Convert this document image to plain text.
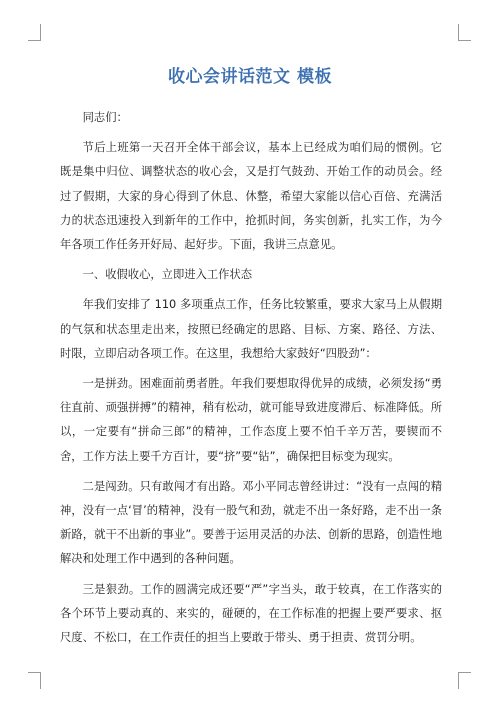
收心会讲话范文 模板

同志们：

节后上班第一天召开全体干部会议，基本上已经成为咱们局的惯例。它既是集中归位、调整状态的收心会，又是打气鼓劲、开始工作的动员会。经过了假期，大家的身心得到了休息、休整，希望大家能以信心百倍、充满活力的状态迅速投入到新年的工作中，抢抓时间，务实创新，扎实工作，为今年各项工作任务开好局、起好步。下面，我讲三点意见。

一、收假收心，立即进入工作状态

年我们安排了 110 多项重点工作，任务比较繁重，要求大家马上从假期的气氛和状态里走出来，按照已经确定的思路、目标、方案、路径、方法、时限，立即启动各项工作。在这里，我想给大家鼓好“四股劲”：

一是拼劲。困难面前勇者胜。年我们要想取得优异的成绩，必须发扬“勇往直前、顽强拼搏”的精神，稍有松动，就可能导致进度滞后、标准降低。所以，一定要有“拼命三郎”的精神，工作态度上要不怕千辛万苦，要锲而不舍，工作方法上要千方百计，要“挤”要“钻”，确保把目标变为现实。

二是闯劲。只有敢闯才有出路。邓小平同志曾经讲过：“没有一点闯的精神，没有一点‘冒’的精神，没有一股气和劲，就走不出一条好路，走不出一条新路，就干不出新的事业”。要善于运用灵活的办法、创新的思路，创造性地解决和处理工作中遇到的各种问题。

三是狠劲。工作的圆满完成还要“严”字当头，敢于较真，在工作落实的各个环节上要动真的、来实的，碰硬的，在工作标准的把握上要严要求、抠尺度、不松口，在工作责任的担当上要敢于带头、勇于担责、赏罚分明。
